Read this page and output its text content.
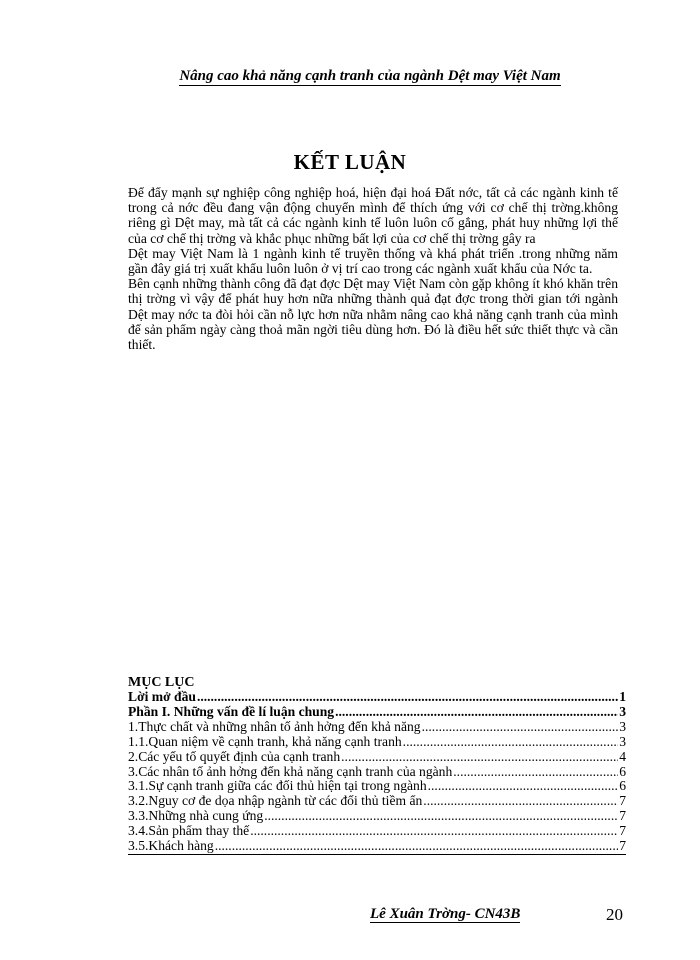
Nâng cao khả năng cạnh tranh của ngành Dệt may Việt Nam
KẾT LUẬN

Để đẩy mạnh sự nghiệp công nghiệp hoá, hiện đại hoá Đất nớc, tất cả các ngành kinh tế trong cả nớc đều đang vận động chuyển mình để thích ứng với cơ chế thị trờng.không riêng gì Dệt may, mà tất cả các ngành kinh tế luôn luôn cố gắng, phát huy những lợi thế của cơ chế thị trờng và khắc phục những bất lợi của cơ chế thị trờng gây ra

Dệt may Việt Nam là 1 ngành kinh tế truyền thống và khá phát triển .trong những năm gần đây giá trị xuất khẩu luôn luôn ở vị trí cao trong các ngành xuất khẩu của Nớc ta.

Bên cạnh những thành công đã đạt đợc Dệt may Việt Nam còn gặp không ít khó khăn trên thị trờng vì vậy để phát huy hơn nữa những thành quả đạt đợc trong thời gian tới ngành Dệt may nớc ta đòi hỏi cần nỗ lực hơn nữa nhằm nâng cao khả năng cạnh tranh của mình để sản phẩm ngày càng thoả mãn ngời tiêu dùng hơn. Đó là điều hết sức thiết thực và cần thiết.

MỤC LỤC
Lời mở đầu .....	1
Phần I. Những vấn đề lí luận chung .....	3
1.Thực chất và những nhân tố ảnh hởng đến khả năng .....	3
1.1.Quan niệm về cạnh tranh, khả năng cạnh tranh .....	3
2.Các yếu tố quyết định của cạnh tranh .....	4
3.Các nhân tố ảnh hởng đến khả năng cạnh tranh của ngành .....	6
3.1.Sự cạnh tranh giữa các đối thủ hiện tại trong ngành .....	6
3.2.Nguy cơ đe dọa nhập ngành từ các đối thủ tiềm ẩn .....	7
3.3.Những nhà cung ứng .....	7
3.4.Sản phẩm thay thế .....	7
3.5.Khách hàng .....	7
Lê Xuân Trờng- CN43B	20
